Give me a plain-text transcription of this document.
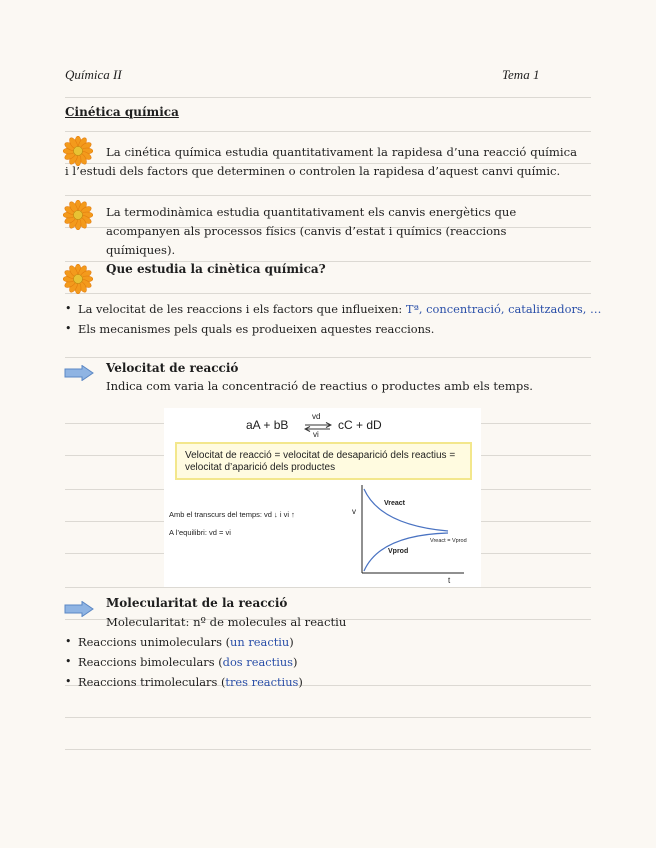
Química II	Tema 1
Cinética química
La cinética química estudia quantitativament la rapidesa d’una reacció química i l’estudi dels factors que determinen o controlen la rapidesa d’aquest canvi químic.
La termodinàmica estudia quantitativament els canvis energètics que acompanyen als processos físics (canvis d’estat i químics (reaccions químiques).
Que estudia la cinètica química?
• La velocitat de les reaccions i els factors que influeixen: Tª, concentració, catalitzadors, …
• Els mecanismes pels quals es produeixen aquestes reaccions.
Velocitat de reacció
Indica com varia la concentració de reactius o productes amb els temps.
aA + bB
vd
vi
cC + dD
Velocitat de reacció = velocitat de desaparició dels reactius =
velocitat d’aparició dels productes
Amb el transcurs del temps: vd ↓ i vi ↑
A l’equilibri: vd = vi
v
t
Vreact
Vprod
Vreact = Vprod
Molecularitat de la reacció
Molecularitat: nº de molecules al reactiu
• Reaccions unimoleculars (un reactiu)
• Reaccions bimoleculars (dos reactius)
• Reaccions trimoleculars (tres reactius)
